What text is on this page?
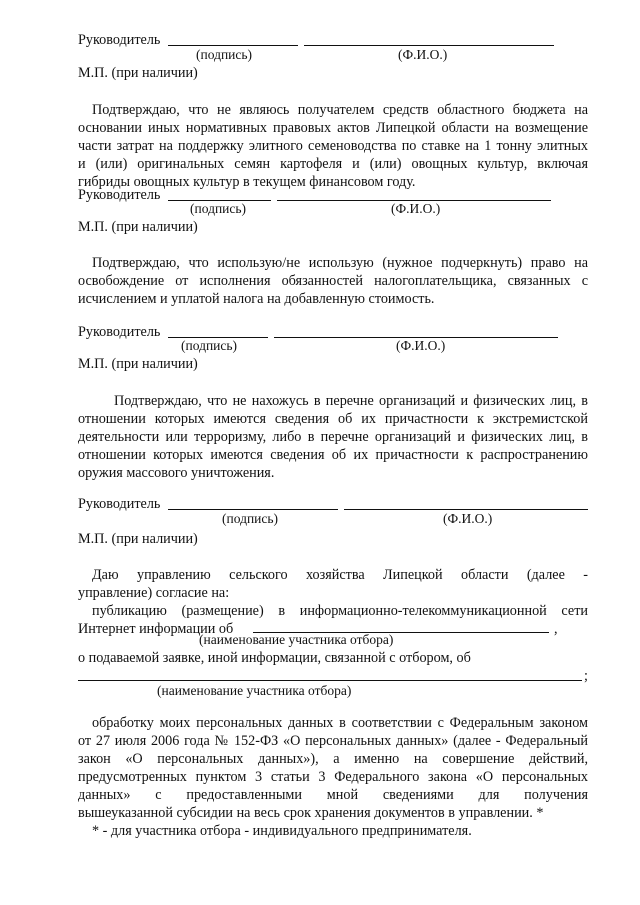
Руководитель
(подпись)	(Ф.И.О.)
М.П. (при наличии)
Подтверждаю, что не являюсь получателем средств областного бюджета на
основании иных нормативных правовых актов Липецкой области на возмещение
части затрат на поддержку элитного семеноводства по ставке на 1 тонну элитных
и (или) оригинальных семян картофеля и (или) овощных культур, включая
гибриды овощных культур в текущем финансовом году.
Руководитель
(подпись)	(Ф.И.О.)
М.П. (при наличии)
Подтверждаю, что использую/не использую (нужное подчеркнуть) право на
освобождение от исполнения обязанностей налогоплательщика, связанных с
исчислением и уплатой налога на добавленную стоимость.
Руководитель
(подпись)	(Ф.И.О.)
М.П. (при наличии)
Подтверждаю, что не нахожусь в перечне организаций и физических лиц, в
отношении которых имеются сведения об их причастности к экстремистской
деятельности или терроризму, либо в перечне организаций и физических лиц, в
отношении которых имеются сведения об их причастности к распространению
оружия массового уничтожения.
Руководитель
(подпись)	(Ф.И.О.)
М.П. (при наличии)
Даю управлению сельского хозяйства Липецкой области (далее -
управление) согласие на:
публикацию (размещение) в информационно-телекоммуникационной сети
Интернет информации об	,
(наименование участника отбора)
о подаваемой заявке, иной информации, связанной с отбором, об
;
(наименование участника отбора)
обработку моих персональных данных в соответствии с Федеральным законом
от 27 июля 2006 года № 152-ФЗ «О персональных данных» (далее - Федеральный
закон «О персональных данных»), а именно на совершение действий,
предусмотренных пунктом 3 статьи 3 Федерального закона «О персональных
данных» с предоставленными мной сведениями для получения
вышеуказанной субсидии на весь срок хранения документов в управлении. *
* - для участника отбора - индивидуального предпринимателя.
